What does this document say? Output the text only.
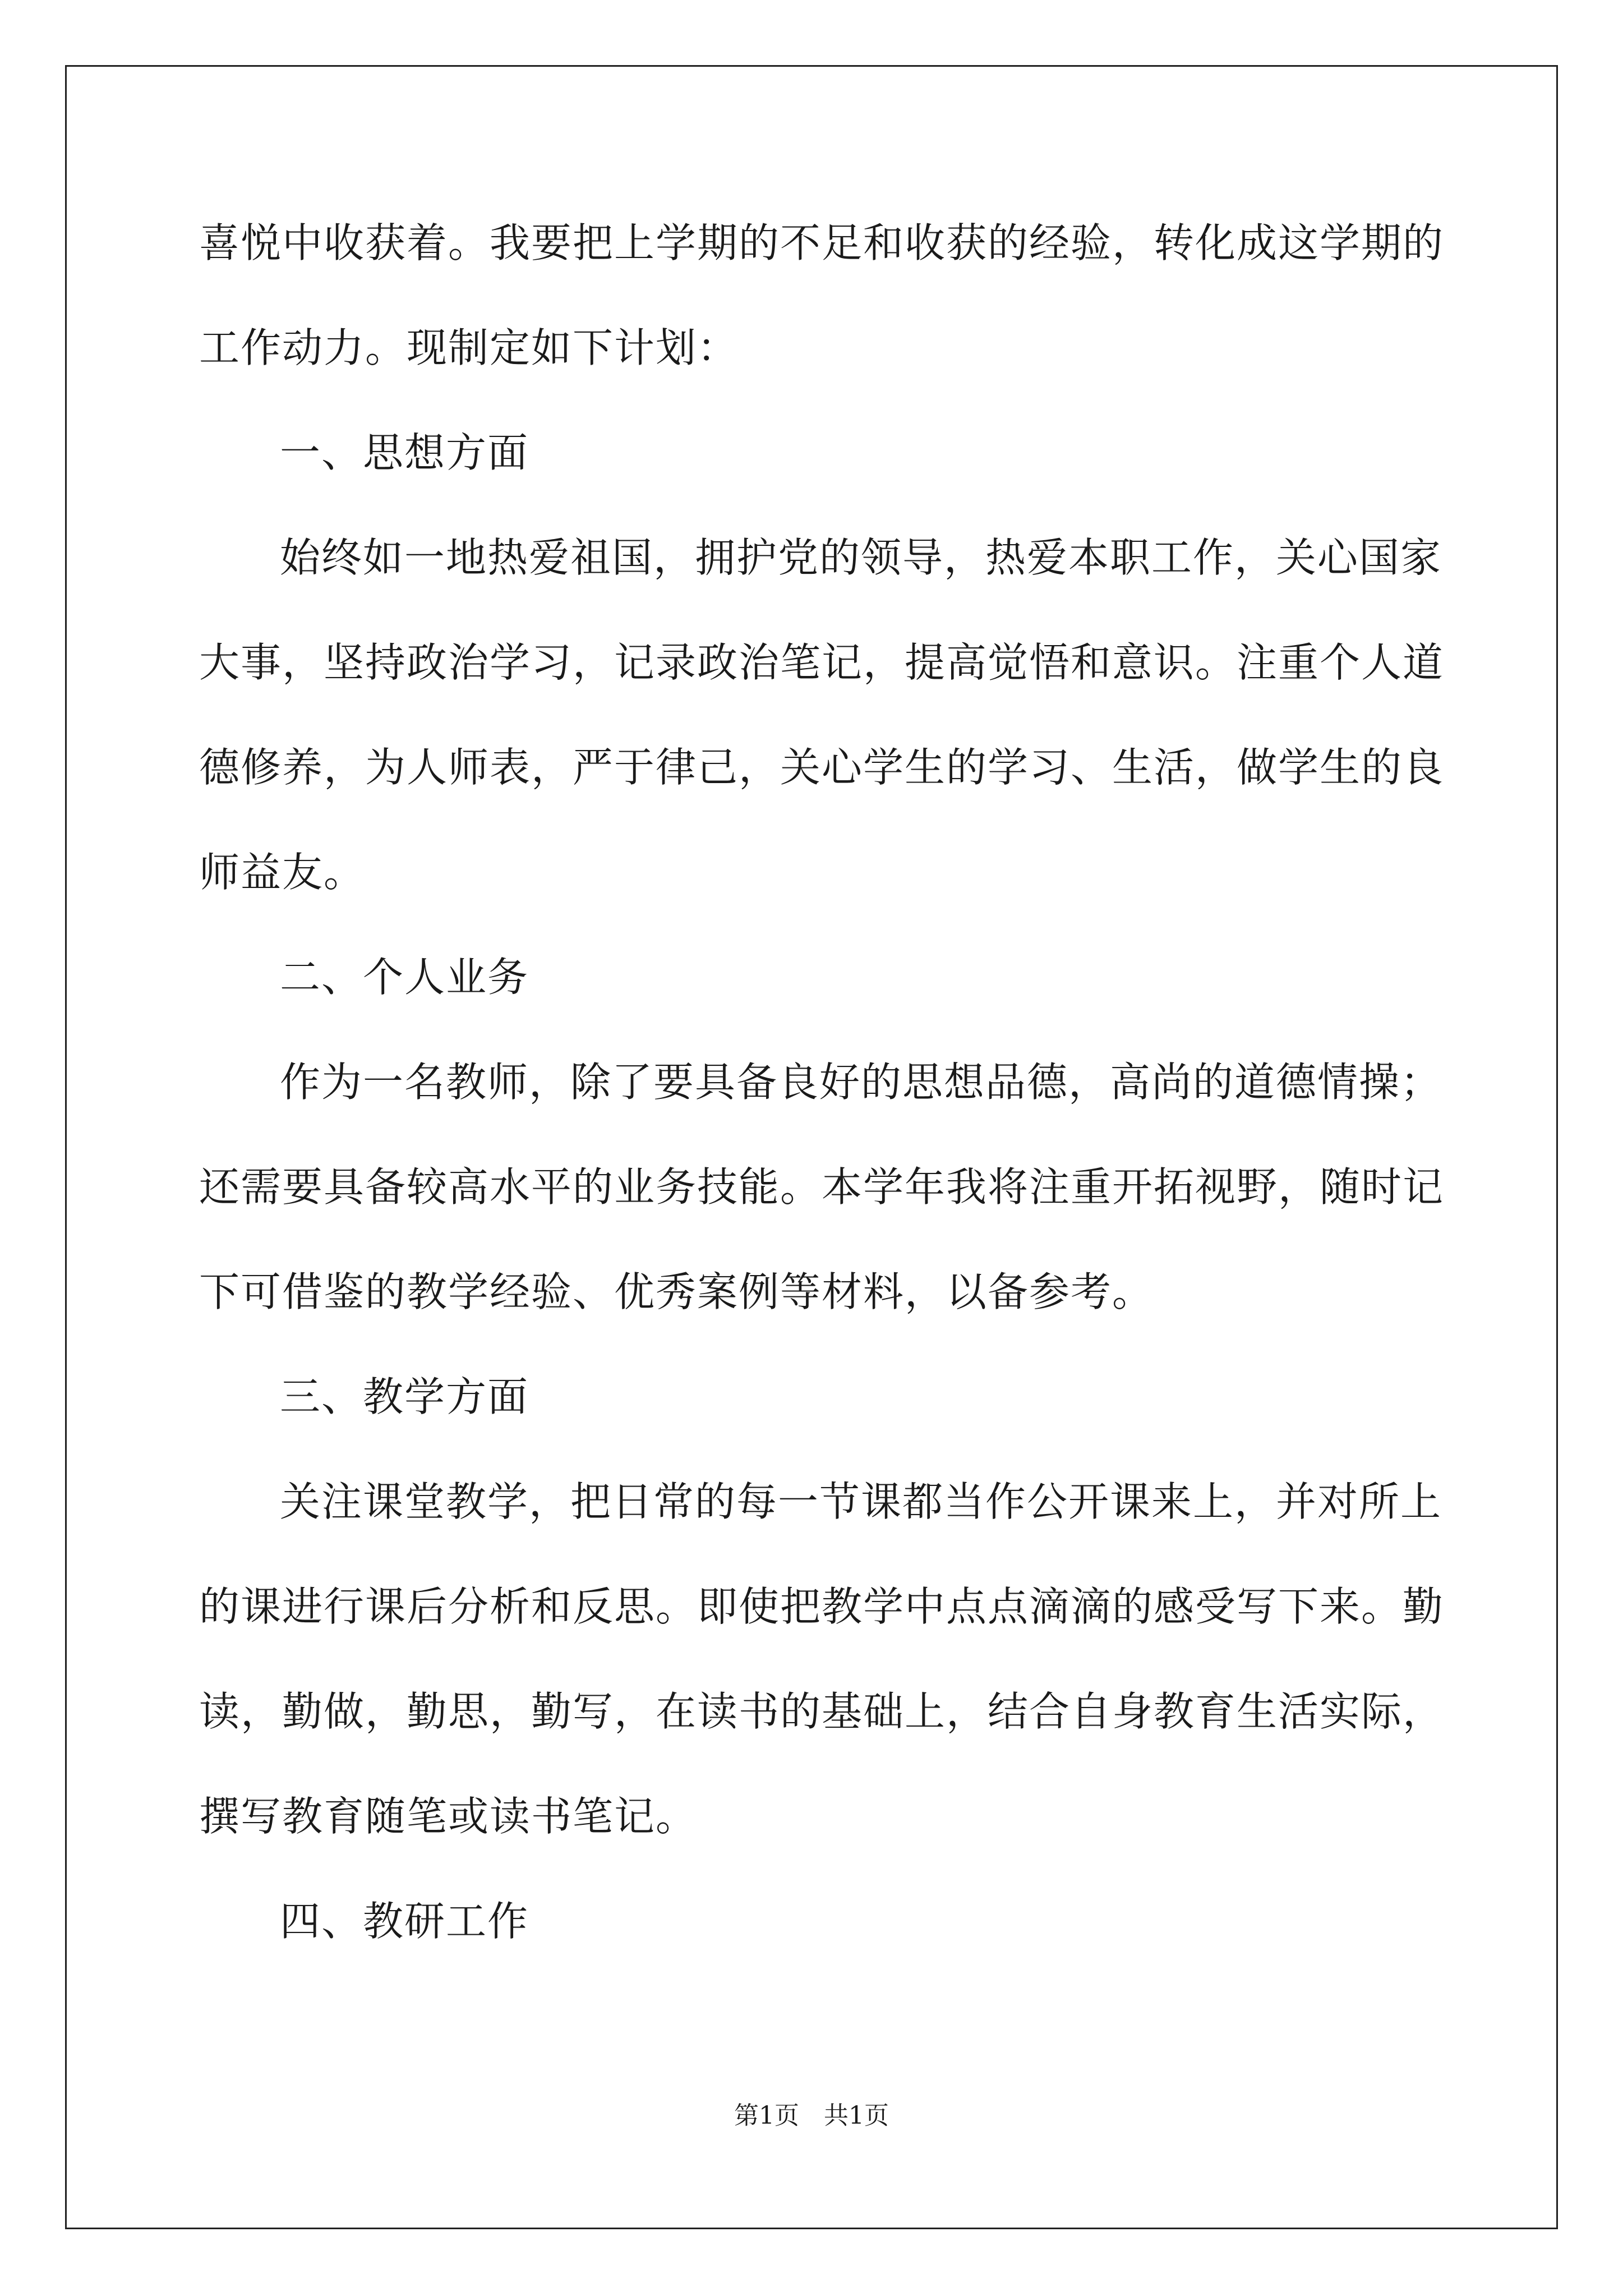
喜悦中收获着。我要把上学期的不足和收获的经验，转化成这学期的
工作动力。现制定如下计划：
一、思想方面
始终如一地热爱祖国，拥护党的领导，热爱本职工作，关心国家
大事，坚持政治学习，记录政治笔记，提高觉悟和意识。注重个人道
德修养，为人师表，严于律己，关心学生的学习、生活，做学生的良
师益友。
二、个人业务
作为一名教师，除了要具备良好的思想品德，高尚的道德情操；
还需要具备较高水平的业务技能。本学年我将注重开拓视野，随时记
下可借鉴的教学经验、优秀案例等材料，以备参考。
三、教学方面
关注课堂教学，把日常的每一节课都当作公开课来上，并对所上
的课进行课后分析和反思。即使把教学中点点滴滴的感受写下来。勤
读，勤做，勤思，勤写，在读书的基础上，结合自身教育生活实际，
撰写教育随笔或读书笔记。
四、教研工作
第1页　共1页
